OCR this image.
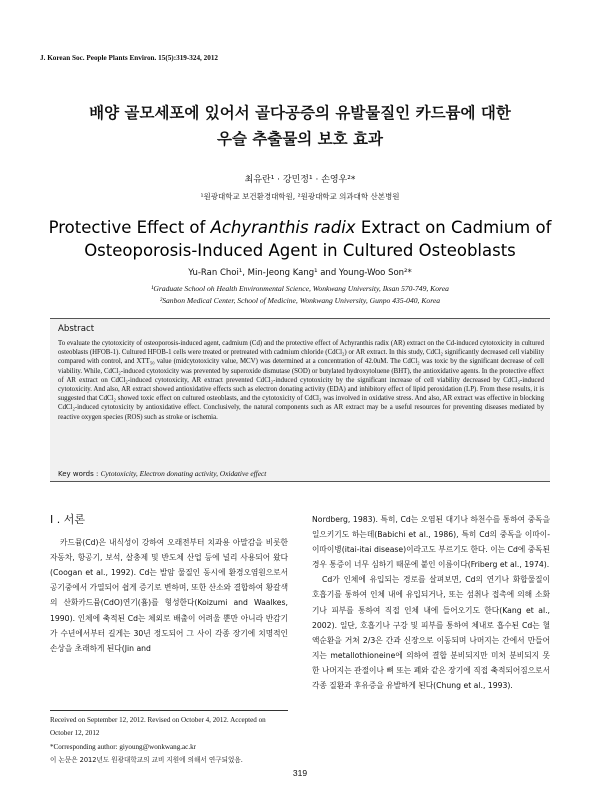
J. Korean Soc. People Plants Environ. 15(5):319-324, 2012
배양 골모세포에 있어서 골다공증의 유발물질인 카드뮴에 대한
우슬 추출물의 보호 효과
최유란¹ · 강민정¹ · 손영우²*
¹원광대학교 보건환경대학원, ²원광대학교 의과대학 산본병원
Protective Effect of Achyranthis radix Extract on Cadmium of
Osteoporosis-Induced Agent in Cultured Osteoblasts
Yu-Ran Choi¹, Min-Jeong Kang¹ and Young-Woo Son²*
¹Graduate School oh Health Environmental Science, Wonkwang University, Iksan 570-749, Korea
²Sanbon Medical Center, School of Medicine, Wonkwang University, Gunpo 435-040, Korea
Abstract
To evaluate the cytotoxicity of osteoporosis-induced agent, cadmium (Cd) and the protective effect of Achyranthis radix (AR) extract on the Cd-induced cytotoxicity in cultured osteoblasts (HFOB-1). Cultured HFOB-1 cells were treated or pretreated with cadmium chloride (CdCl₂) or AR extract. In this study, CdCl₂ significantly decreased cell viability compared with control, and XTT₅₀ value (midcytotoxicity value, MCV) was determined at a concentration of 42.0uM. The CdCl₂ was toxic by the significant decrease of cell viability. While, CdCl₂-induced cytotoxicity was prevented by superoxide dismutase (SOD) or butylated hydroxytoluene (BHT), the antioxidative agents. In the protective effect of AR extract on CdCl₂-induced cytotoxicity, AR extract prevented CdCl₂-induced cytotoxicity by the significant increase of cell viability decreased by CdCl₂-induced cytotoxicity. And also, AR extract showed antioxidative effects such as electron donating activity (EDA) and inhibitory effect of lipid peroxidation (LP). From these results, it is suggested that CdCl₂ showed toxic effect on cultured osteoblasts, and the cytotoxicity of CdCl₂ was involved in oxidative stress. And also, AR extract was effective in blocking CdCl₂-induced cytotoxicity by antioxidative effect. Conclusively, the natural components such as AR extract may be a useful resources for preventing diseases mediated by reactive oxygen species (ROS) such as stroke or ischemia.
Key words : Cytotoxicity, Electron donating activity, Oxidative effect
I . 서론

카드뮴(Cd)은 내식성이 강하여 오래전부터 치과용 아말감을 비롯한 자동차, 항공기, 보석, 살충제 및 반도체 산업 등에 널리 사용되어 왔다(Coogan et al., 1992). Cd는 발암 물질인 동시에 환경오염원으로서 공기중에서 가열되어 쉽게 증기로 변하며, 또한 산소와 결합하여 황갈색의 산화카드뮴(CdO)연기(흄)를 형성한다(Koizumi and Waalkes, 1990). 인체에 축적된 Cd는 체외로 배출이 어려울 뿐만 아니라 반감기가 수년에서부터 길게는 30년 정도되어 그 사이 각종 장기에 치명적인 손상을 초래하게 된다(Jin and

Nordberg, 1983). 특히, Cd는 오염된 대기나 하천수를 통하여 중독을 일으키기도 하는데(Babichi et al., 1986), 특히 Cd의 중독을 이따이-이따이병(itai-itai disease)이라고도 부르기도 한다. 이는 Cd에 중독된 경우 통증이 너무 심하기 때문에 붙인 이름이다(Friberg et al., 1974).

Cd가 인체에 유입되는 경로를 살펴보면, Cd의 연기나 화합물질이 호흡기를 통하여 인체 내에 유입되거나, 또는 섬취나 접촉에 의해 소화기나 피부를 통하여 직접 인체 내에 들어오기도 한다(Kang et al., 2002). 일단, 호흡기나 구강 및 피부를 통하여 체내로 흡수된 Cd는 혈액순환을 거쳐 2/3은 간과 신장으로 이동되며 나머지는 간에서 만들어지는 metallothioneine에 의하여 결합 분비되지만 미처 분비되지 못한 나머지는 관절이나 뼈 또는 폐와 같은 장기에 직접 축적되어짐으로서 각종 질환과 후유증을 유발하게 된다(Chung et al., 1993).

Received on September 12, 2012. Revised on October 4, 2012. Accepted on October 12, 2012
*Corresponding author: giyoung@wonkwang.ac.kr
이 논문은 2012년도 원광대학교의 교비 지원에 의해서 연구되었음.
319
